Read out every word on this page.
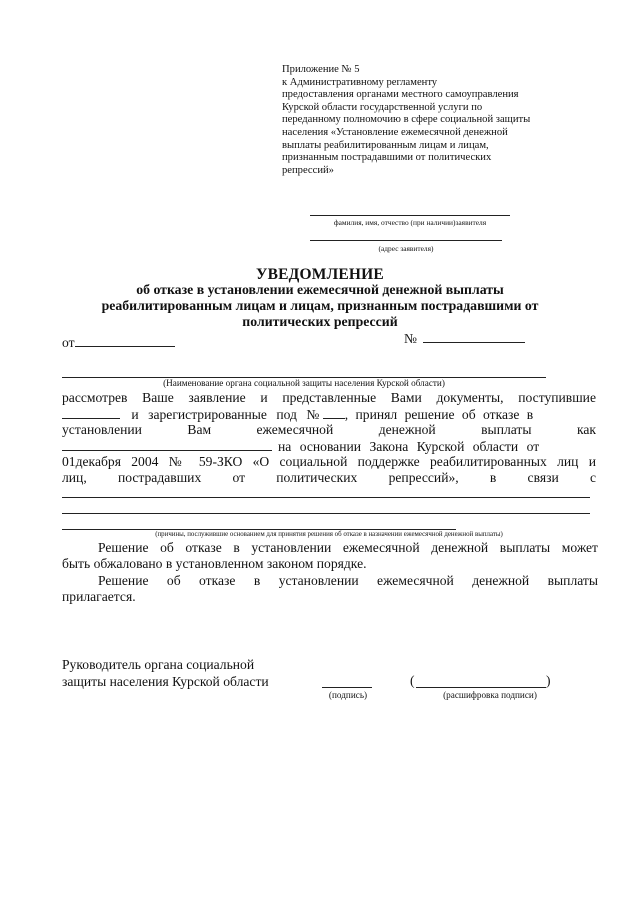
Приложение № 5
к Административному регламенту
предоставления органами местного самоуправления
Курской области государственной услуги по
переданному полномочию в сфере социальной защиты
населения «Установление ежемесячной денежной
выплаты реабилитированным лицам и лицам,
признанным пострадавшими от политических
репрессий»
фамилия, имя, отчество (при наличии)заявителя
(адрес заявителя)
УВЕДОМЛЕНИЕ
об отказе в установлении ежемесячной денежной выплаты
реабилитированным лицам и лицам, признанным пострадавшими от
политических репрессий
от	№
(Наименование органа социальной защиты населения Курской области)
рассмотрев Ваше заявление и представленные Вами документы, поступившие
и зарегистрированные под № , принял решение об отказе в
установлении Вам ежемесячной денежной выплаты как
на основании Закона Курской области от
01декабря 2004 № 59-ЗКО «О социальной поддержке реабилитированных лиц и
лиц, пострадавших от политических репрессий», в связи с
(причины, послужившие основанием для принятия решения об отказе в назначении ежемесячной денежной выплаты)
Решение об отказе в установлении ежемесячной денежной выплаты может
быть обжаловано в установленном законом порядке.
Решение об отказе в установлении ежемесячной денежной выплаты
прилагается.
Руководитель органа социальной
защиты населения Курской области
(подпись)
(	)
(расшифровка подписи)
